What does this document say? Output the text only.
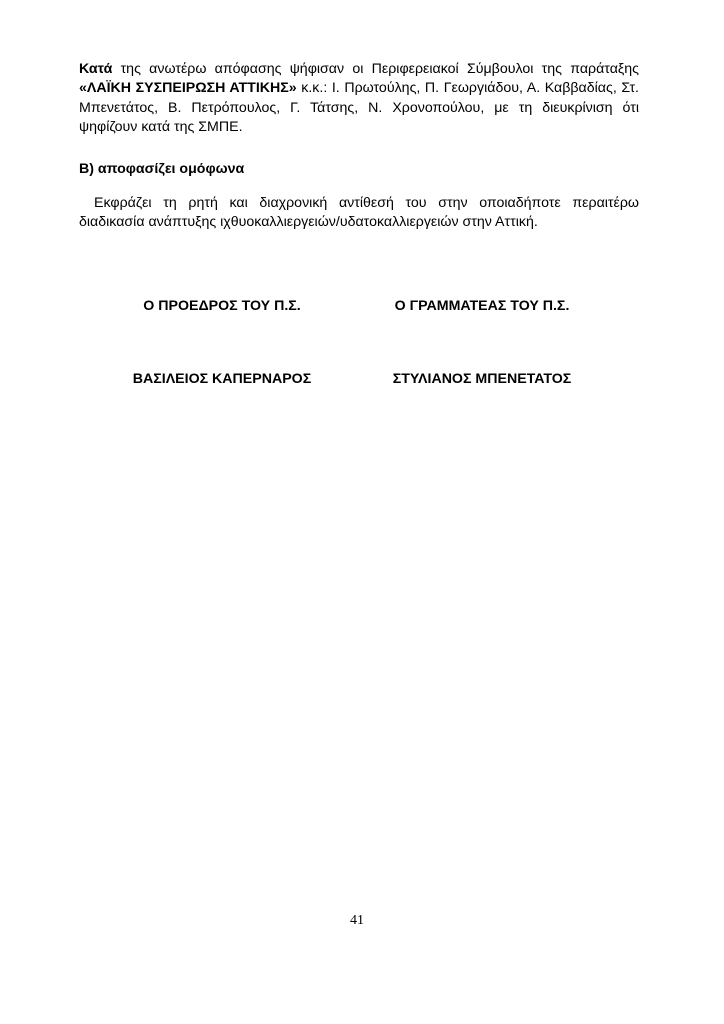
Κατά της ανωτέρω απόφασης ψήφισαν οι Περιφερειακοί Σύμβουλοι της παράταξης «ΛΑΪΚΗ ΣΥΣΠΕΙΡΩΣΗ ΑΤΤΙΚΗΣ» κ.κ.: Ι. Πρωτούλης, Π. Γεωργιάδου, Α. Καββαδίας, Στ. Μπενετάτος, Β. Πετρόπουλος, Γ. Τάτσης, Ν. Χρονοπούλου, με τη διευκρίνιση ότι ψηφίζουν κατά της ΣΜΠΕ.

Β) αποφασίζει ομόφωνα

Εκφράζει τη ρητή και διαχρονική αντίθεσή του στην οποιαδήποτε περαιτέρω διαδικασία ανάπτυξης ιχθυοκαλλιεργειών/υδατοκαλλιεργειών στην Αττική.

Ο ΠΡΟΕΔΡΟΣ ΤΟΥ Π.Σ.	Ο ΓΡΑΜΜΑΤΕΑΣ ΤΟΥ Π.Σ.
ΒΑΣΙΛΕΙΟΣ ΚΑΠΕΡΝΑΡΟΣ	ΣΤΥΛΙΑΝΟΣ ΜΠΕΝΕΤΑΤΟΣ
41
